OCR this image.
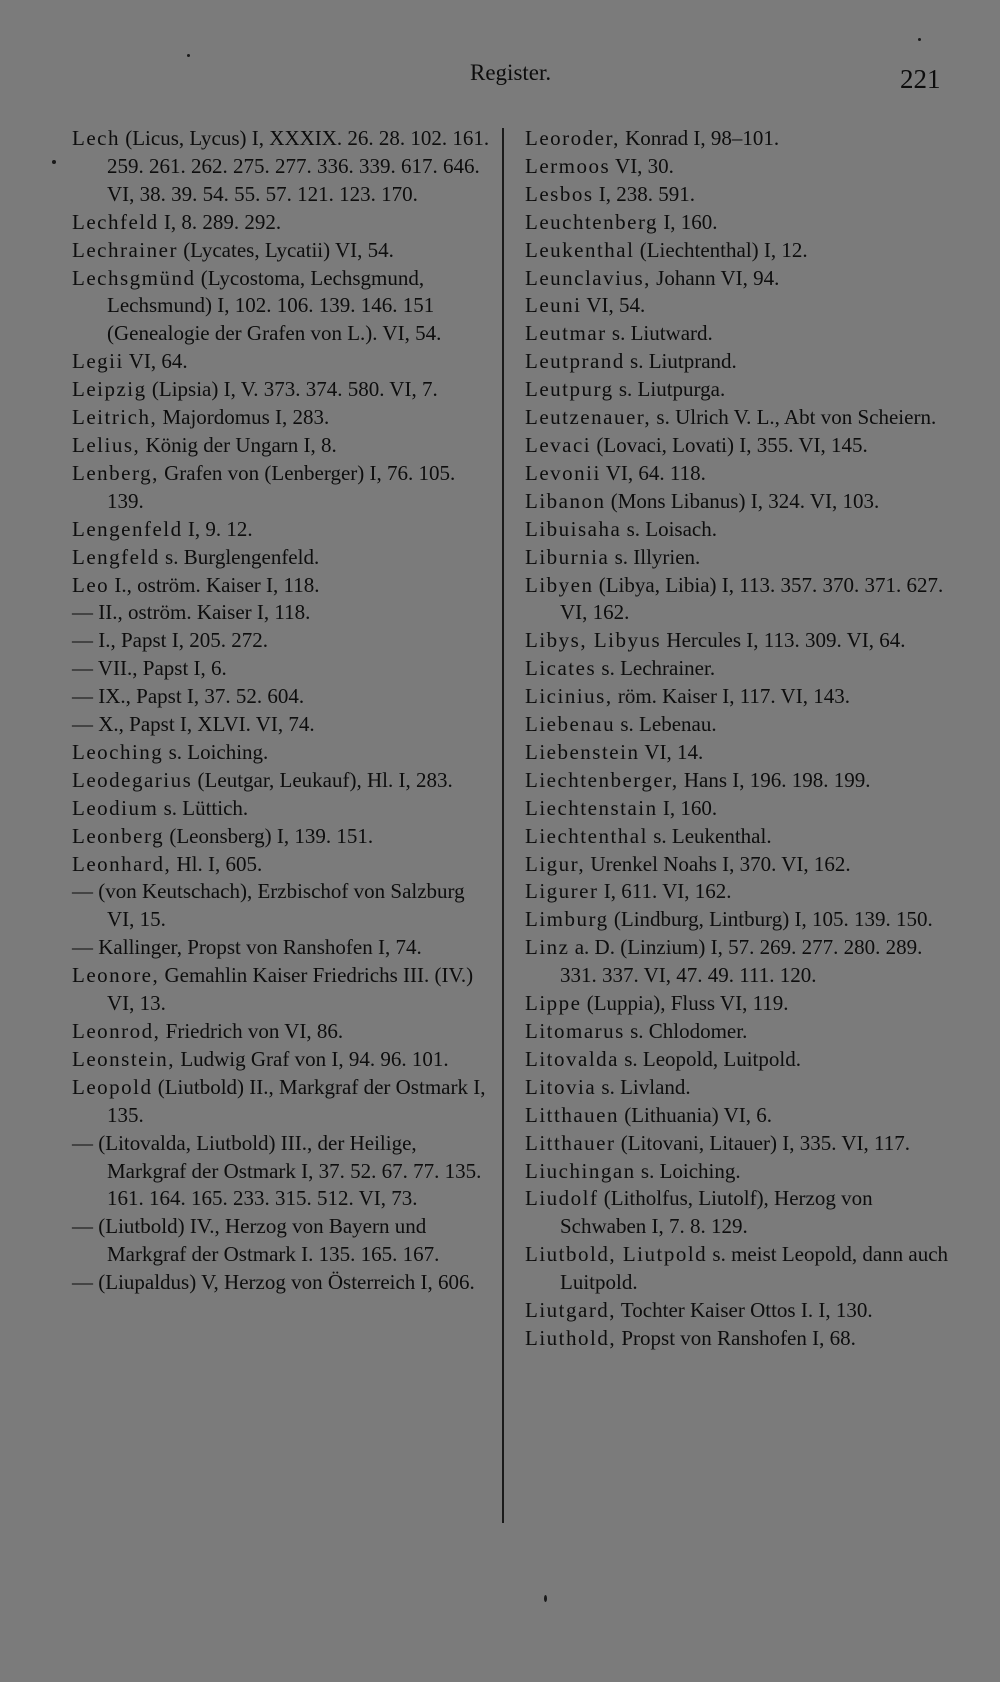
Register.	221

Lech (Licus, Lycus) I, XXXIX. 26. 28. 102. 161. 259. 261. 262. 275. 277. 336. 339. 617. 646. VI, 38. 39. 54. 55. 57. 121. 123. 170.

Lechfeld I, 8. 289. 292.

Lechrainer (Lycates, Lycatii) VI, 54.

Lechsgmünd (Lycostoma, Lechsgmund, Lechsmund) I, 102. 106. 139. 146. 151 (Genealogie der Grafen von L.). VI, 54.

Legii VI, 64.

Leipzig (Lipsia) I, V. 373. 374. 580. VI, 7.

Leitrich, Majordomus I, 283.

Lelius, König der Ungarn I, 8.

Lenberg, Grafen von (Lenberger) I, 76. 105. 139.

Lengenfeld I, 9. 12.

Lengfeld s. Burglengenfeld.

Leo I., oström. Kaiser I, 118.

— II., oström. Kaiser I, 118.

— I., Papst I, 205. 272.

— VII., Papst I, 6.

— IX., Papst I, 37. 52. 604.

— X., Papst I, XLVI. VI, 74.

Leoching s. Loiching.

Leodegarius (Leutgar, Leukauf), Hl. I, 283.

Leodium s. Lüttich.

Leonberg (Leonsberg) I, 139. 151.

Leonhard, Hl. I, 605.

— (von Keutschach), Erzbischof von Salzburg VI, 15.

— Kallinger, Propst von Ranshofen I, 74.

Leonore, Gemahlin Kaiser Friedrichs III. (IV.) VI, 13.

Leonrod, Friedrich von VI, 86.

Leonstein, Ludwig Graf von I, 94. 96. 101.

Leopold (Liutbold) II., Markgraf der Ostmark I, 135.

— (Litovalda, Liutbold) III., der Heilige, Markgraf der Ostmark I, 37. 52. 67. 77. 135. 161. 164. 165. 233. 315. 512. VI, 73.

— (Liutbold) IV., Herzog von Bayern und Markgraf der Ostmark I. 135. 165. 167.

— (Liupaldus) V, Herzog von Österreich I, 606.

Leoroder, Konrad I, 98–101.

Lermoos VI, 30.

Lesbos I, 238. 591.

Leuchtenberg I, 160.

Leukenthal (Liechtenthal) I, 12.

Leunclavius, Johann VI, 94.

Leuni VI, 54.

Leutmar s. Liutward.

Leutprand s. Liutprand.

Leutpurg s. Liutpurga.

Leutzenauer, s. Ulrich V. L., Abt von Scheiern.

Levaci (Lovaci, Lovati) I, 355. VI, 145.

Levonii VI, 64. 118.

Libanon (Mons Libanus) I, 324. VI, 103.

Libuisaha s. Loisach.

Liburnia s. Illyrien.

Libyen (Libya, Libia) I, 113. 357. 370. 371. 627. VI, 162.

Libys, Libyus Hercules I, 113. 309. VI, 64.

Licates s. Lechrainer.

Licinius, röm. Kaiser I, 117. VI, 143.

Liebenau s. Lebenau.

Liebenstein VI, 14.

Liechtenberger, Hans I, 196. 198. 199.

Liechtenstain I, 160.

Liechtenthal s. Leukenthal.

Ligur, Urenkel Noahs I, 370. VI, 162.

Ligurer I, 611. VI, 162.

Limburg (Lindburg, Lintburg) I, 105. 139. 150.

Linz a. D. (Linzium) I, 57. 269. 277. 280. 289. 331. 337. VI, 47. 49. 111. 120.

Lippe (Luppia), Fluss VI, 119.

Litomarus s. Chlodomer.

Litovalda s. Leopold, Luitpold.

Litovia s. Livland.

Litthauen (Lithuania) VI, 6.

Litthauer (Litovani, Litauer) I, 335. VI, 117.

Liuchingan s. Loiching.

Liudolf (Litholfus, Liutolf), Herzog von Schwaben I, 7. 8. 129.

Liutbold, Liutpold s. meist Leopold, dann auch Luitpold.

Liutgard, Tochter Kaiser Ottos I. I, 130.

Liuthold, Propst von Ranshofen I, 68.
